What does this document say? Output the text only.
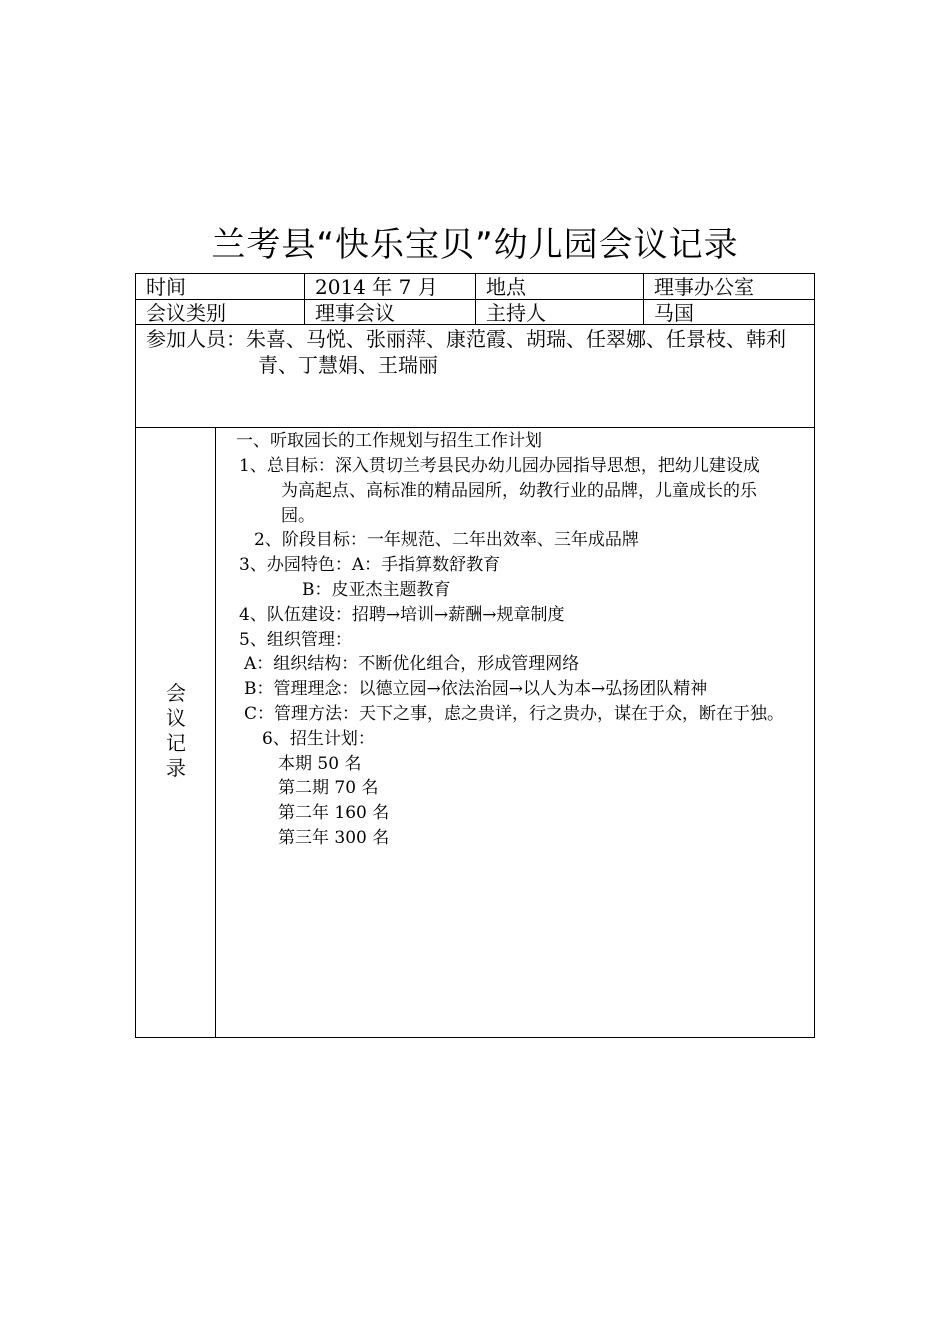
兰考县“快乐宝贝”幼儿园会议记录
时间	2014 年 7 月	地点	理事办公室
会议类别	理事会议	主持人	马国
参加人员：朱喜、马悦、张丽萍、康范霞、胡瑞、任翠娜、任景枝、韩利
青、丁慧娟、王瑞丽
会
议
记
录
一、听取园长的工作规划与招生工作计划
1、总目标：深入贯切兰考县民办幼儿园办园指导思想，把幼儿建设成
为高起点、高标准的精品园所，幼教行业的品牌，儿童成长的乐
园。
2、阶段目标：一年规范、二年出效率、三年成品牌
3、办园特色：A：手指算数舒教育
B：皮亚杰主题教育
4、队伍建设：招聘→培训→薪酬→规章制度
5、组织管理：
A：组织结构：不断优化组合，形成管理网络
B：管理理念：以德立园→依法治园→以人为本→弘扬团队精神
C：管理方法：天下之事，虑之贵详，行之贵办，谋在于众，断在于独。
6、招生计划：
本期 50 名
第二期 70 名
第二年 160 名
第三年 300 名
